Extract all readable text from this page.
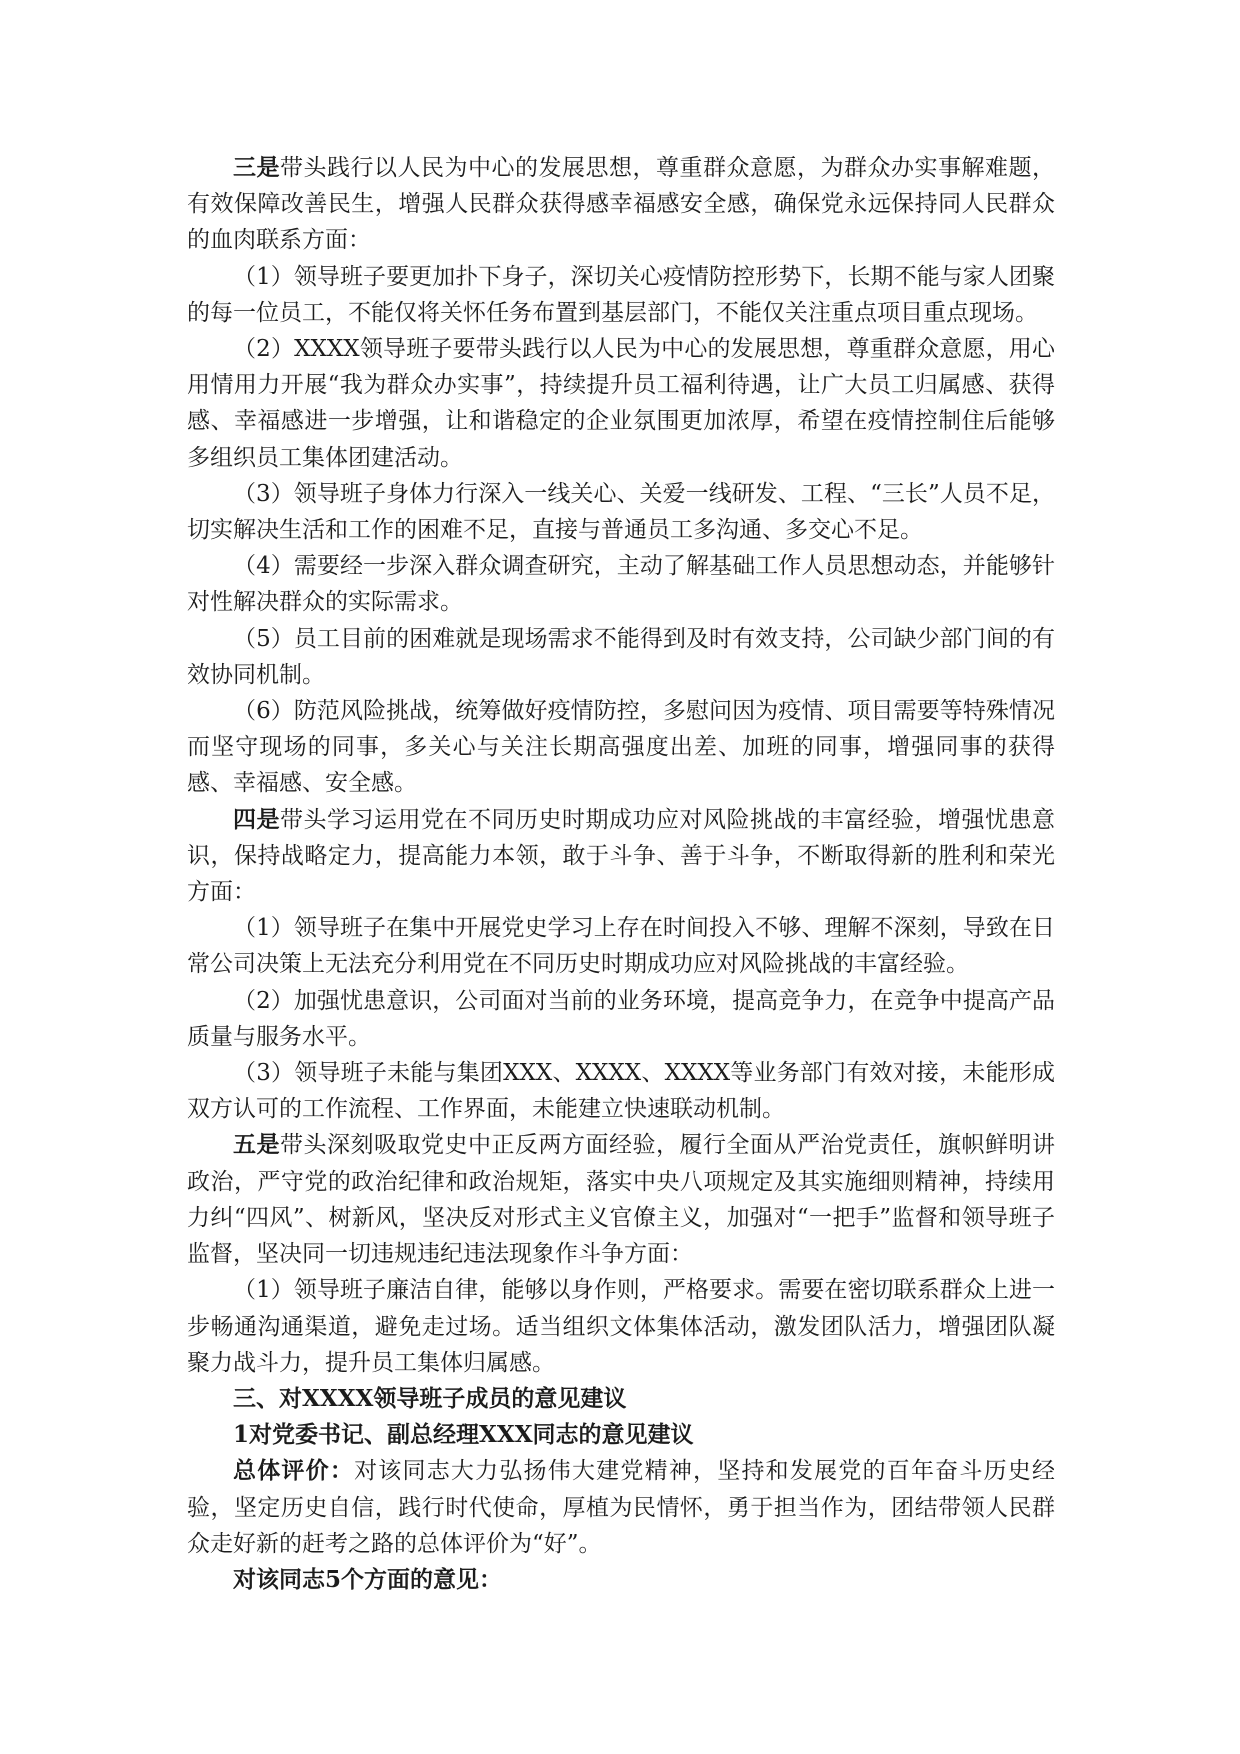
三是带头践行以人民为中心的发展思想，尊重群众意愿，为群众办实事解难题，有效保障改善民生，增强人民群众获得感幸福感安全感，确保党永远保持同人民群众的血肉联系方面：

（1）领导班子要更加扑下身子，深切关心疫情防控形势下，长期不能与家人团聚的每一位员工，不能仅将关怀任务布置到基层部门，不能仅关注重点项目重点现场。

（2）XXXX领导班子要带头践行以人民为中心的发展思想，尊重群众意愿，用心用情用力开展“我为群众办实事”，持续提升员工福利待遇，让广大员工归属感、获得感、幸福感进一步增强，让和谐稳定的企业氛围更加浓厚，希望在疫情控制住后能够多组织员工集体团建活动。

（3）领导班子身体力行深入一线关心、关爱一线研发、工程、“三长”人员不足，切实解决生活和工作的困难不足，直接与普通员工多沟通、多交心不足。

（4）需要经一步深入群众调查研究，主动了解基础工作人员思想动态，并能够针对性解决群众的实际需求。

（5）员工目前的困难就是现场需求不能得到及时有效支持，公司缺少部门间的有效协同机制。

（6）防范风险挑战，统筹做好疫情防控，多慰问因为疫情、项目需要等特殊情况而坚守现场的同事，多关心与关注长期高强度出差、加班的同事，增强同事的获得感、幸福感、安全感。

四是带头学习运用党在不同历史时期成功应对风险挑战的丰富经验，增强忧患意识，保持战略定力，提高能力本领，敢于斗争、善于斗争，不断取得新的胜利和荣光方面：

（1）领导班子在集中开展党史学习上存在时间投入不够、理解不深刻，导致在日常公司决策上无法充分利用党在不同历史时期成功应对风险挑战的丰富经验。

（2）加强忧患意识，公司面对当前的业务环境，提高竞争力，在竞争中提高产品质量与服务水平。

（3）领导班子未能与集团XXX、XXXX、XXXX等业务部门有效对接，未能形成双方认可的工作流程、工作界面，未能建立快速联动机制。

五是带头深刻吸取党史中正反两方面经验，履行全面从严治党责任，旗帜鲜明讲政治，严守党的政治纪律和政治规矩，落实中央八项规定及其实施细则精神，持续用力纠“四风”、树新风，坚决反对形式主义官僚主义，加强对“一把手”监督和领导班子监督，坚决同一切违规违纪违法现象作斗争方面：

（1）领导班子廉洁自律，能够以身作则，严格要求。需要在密切联系群众上进一步畅通沟通渠道，避免走过场。适当组织文体集体活动，激发团队活力，增强团队凝聚力战斗力，提升员工集体归属感。

三、对XXXX领导班子成员的意见建议

1对党委书记、副总经理XXX同志的意见建议

总体评价：对该同志大力弘扬伟大建党精神，坚持和发展党的百年奋斗历史经验，坚定历史自信，践行时代使命，厚植为民情怀，勇于担当作为，团结带领人民群众走好新的赶考之路的总体评价为“好”。

对该同志5个方面的意见：
